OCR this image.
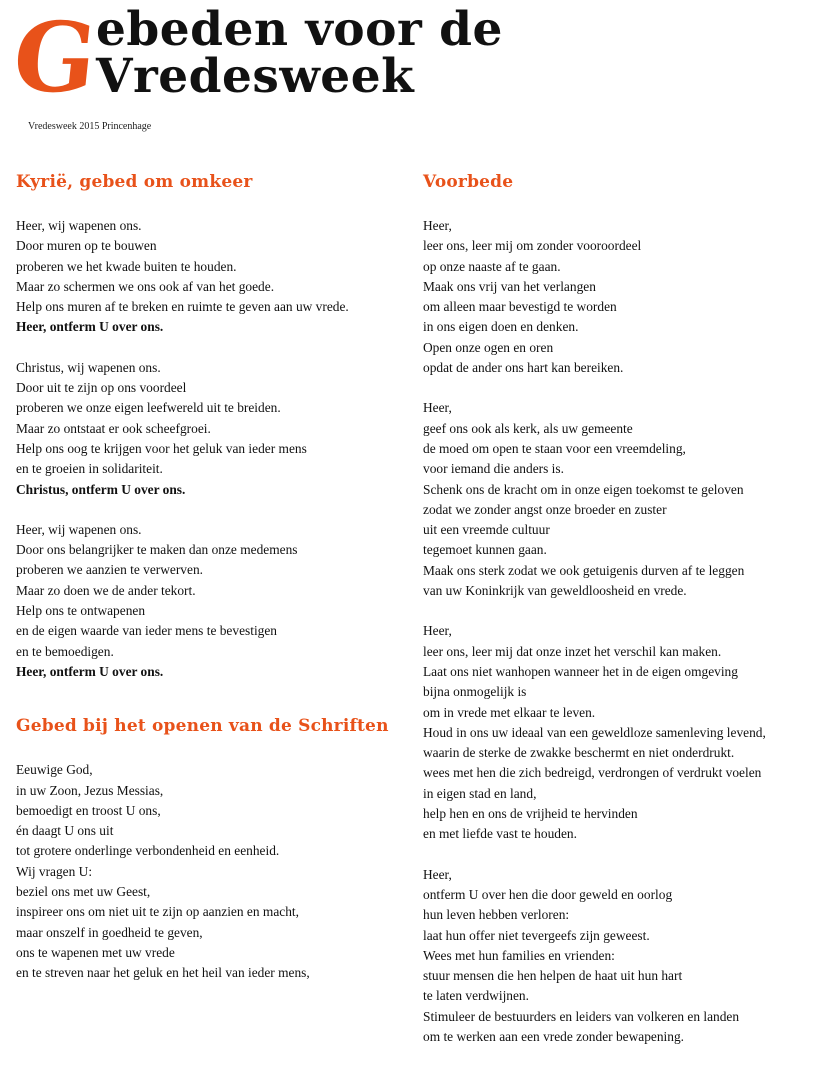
G
ebeden voor de Vredesweek
Vredesweek 2015 Princenhage
Kyrië, gebed om omkeer
Heer, wij wapenen ons.
Door muren op te bouwen
proberen we het kwade buiten te houden.
Maar zo schermen we ons ook af van het goede.
Help ons muren af te breken en ruimte te geven aan uw vrede.
Heer, ontferm U over ons.
Christus, wij wapenen ons.
Door uit te zijn op ons voordeel
proberen we onze eigen leefwereld uit te breiden.
Maar zo ontstaat er ook scheefgroei.
Help ons oog te krijgen voor het geluk van ieder mens
en te groeien in solidariteit.
Christus, ontferm U over ons.
Heer, wij wapenen ons.
Door ons belangrijker te maken dan onze medemens
proberen we aanzien te verwerven.
Maar zo doen we de ander tekort.
Help ons te ontwapenen
en de eigen waarde van ieder mens te bevestigen
en te bemoedigen.
Heer, ontferm U over ons.
Gebed bij het openen van de Schriften
Eeuwige God,
in uw Zoon, Jezus Messias,
bemoedigt en troost U ons,
én daagt U ons uit
tot grotere onderlinge verbondenheid en eenheid.
Wij vragen U:
beziel ons met uw Geest,
inspireer ons om niet uit te zijn op aanzien en macht,
maar onszelf in goedheid te geven,
ons te wapenen met uw vrede
en te streven naar het geluk en het heil van ieder mens,
Voorbede
Heer,
leer ons, leer mij om zonder vooroordeel
op onze naaste af te gaan.
Maak ons vrij van het verlangen
om alleen maar bevestigd te worden
in ons eigen doen en denken.
Open onze ogen en oren
opdat de ander ons hart kan bereiken.
Heer,
geef ons ook als kerk, als uw gemeente
de moed om open te staan voor een vreemdeling,
voor iemand die anders is.
Schenk ons de kracht om in onze eigen toekomst te geloven
zodat we zonder angst onze broeder en zuster
uit een vreemde cultuur
tegemoet kunnen gaan.
Maak ons sterk zodat we ook getuigenis durven af te leggen
van uw Koninkrijk van geweldloosheid en vrede.
Heer,
leer ons, leer mij dat onze inzet het verschil kan maken.
Laat ons niet wanhopen wanneer het in de eigen omgeving
bijna onmogelijk is
om in vrede met elkaar te leven.
Houd in ons uw ideaal van een geweldloze samenleving levend,
waarin de sterke de zwakke beschermt en niet onderdrukt.
wees met hen die zich bedreigd, verdrongen of verdrukt voelen
in eigen stad en land,
help hen en ons de vrijheid te hervinden
en met liefde vast te houden.
Heer,
ontferm U over hen die door geweld en oorlog
hun leven hebben verloren:
laat hun offer niet tevergeefs zijn geweest.
Wees met hun families en vrienden:
stuur mensen die hen helpen de haat uit hun hart
te laten verdwijnen.
Stimuleer de bestuurders en leiders van volkeren en landen
om te werken aan een vrede zonder bewapening.
